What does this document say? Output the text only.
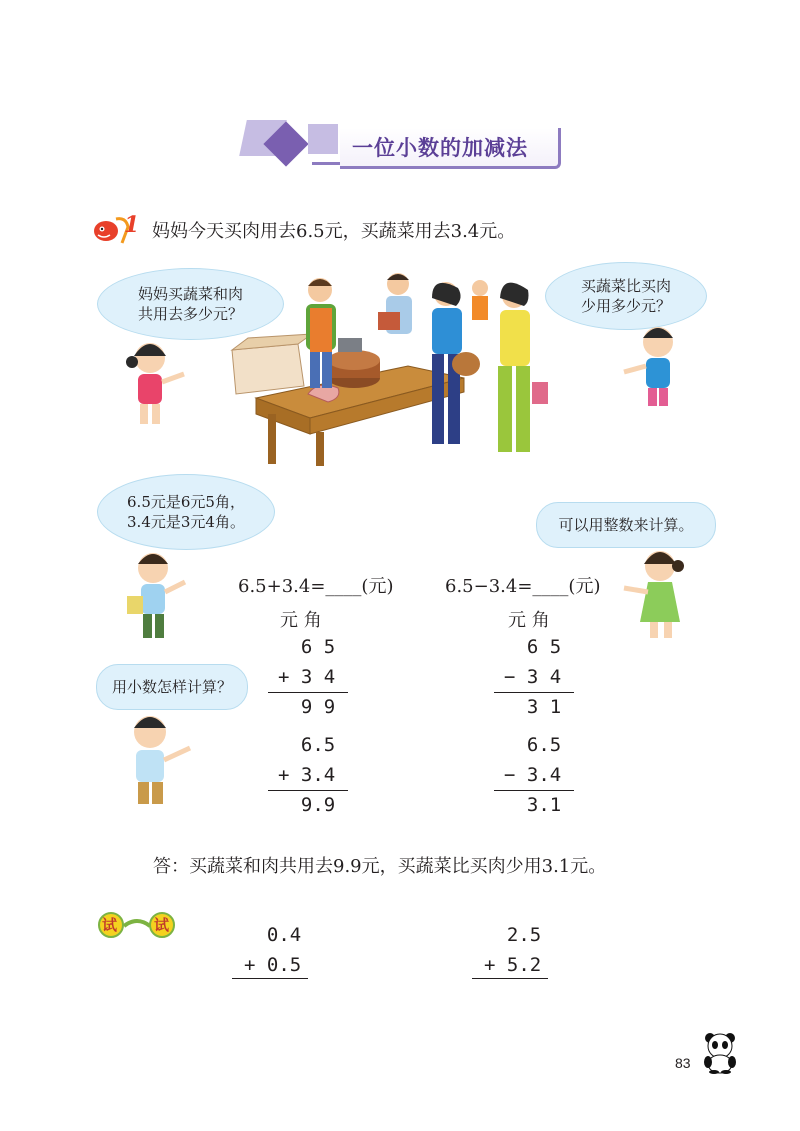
一位小数的加减法
1 妈妈今天买肉用去6.5元，买蔬菜用去3.4元。
妈妈买蔬菜和肉
共用去多少元？
买蔬菜比买肉
少用多少元？
6.5元是6元5角，
3.4元是3元4角。	可以用整数来计算。
用小数怎样计算？
6.5+3.4=____(元)	6.5−3.4=____(元)
元 角
6 5
+ 3 4
9 9
元 角
6 5
− 3 4
3 1
6.5
+ 3.4
9.9
6.5
− 3.4
3.1
答：买蔬菜和肉共用去9.9元，买蔬菜比买肉少用3.1元。
试 试	0.4
+ 0.5
2.5
+ 5.2
83
